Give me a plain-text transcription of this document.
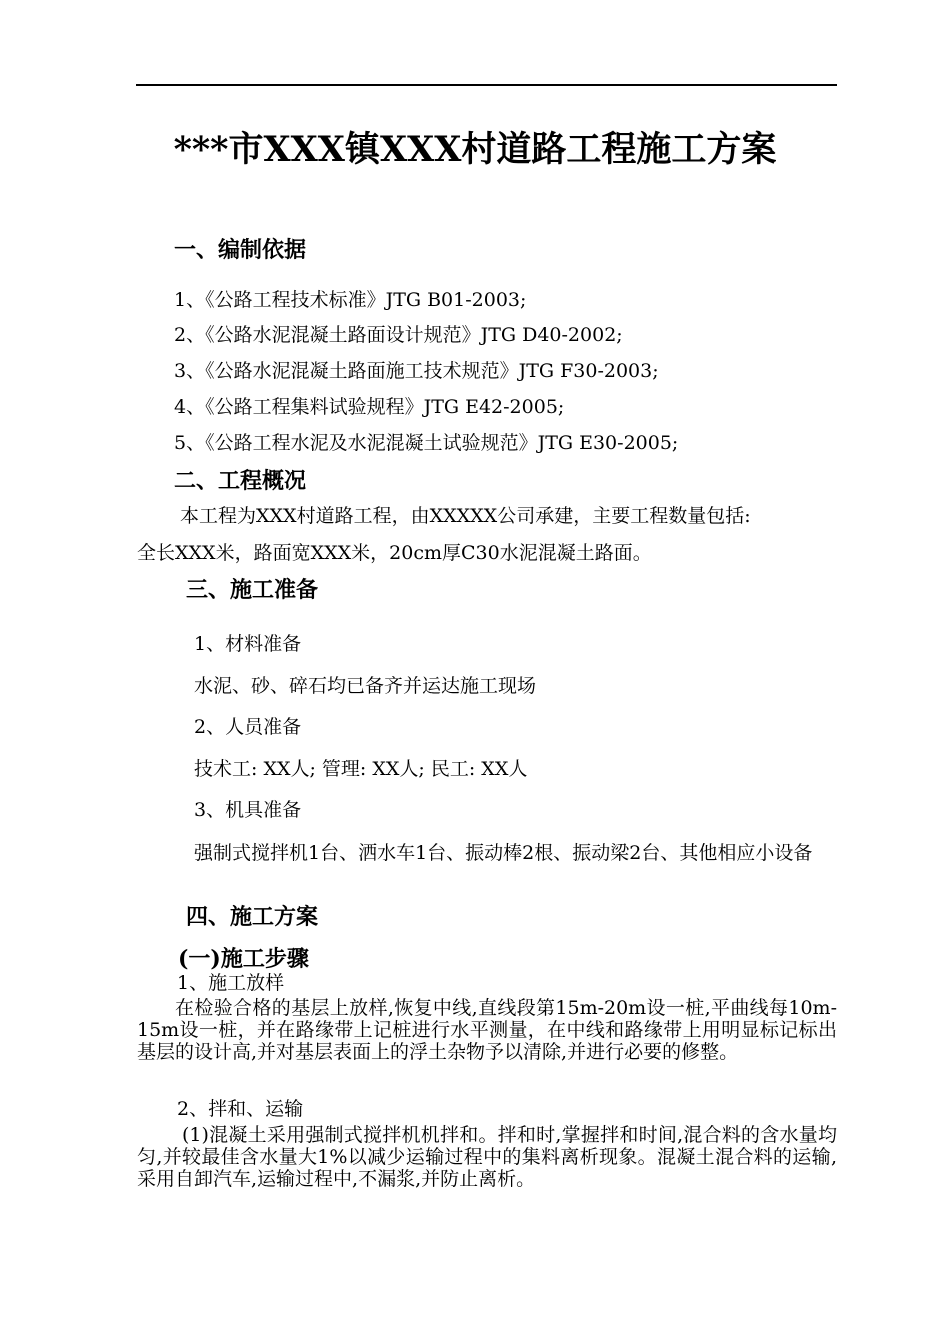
***市XXX镇XXX村道路工程施工方案
一、编制依据
1、《公路工程技术标准》JTG B01-2003;
2、《公路水泥混凝土路面设计规范》JTG D40-2002;
3、《公路水泥混凝土路面施工技术规范》JTG F30-2003;
4、《公路工程集料试验规程》JTG E42-2005;
5、《公路工程水泥及水泥混凝土试验规范》JTG E30-2005;
二、工程概况
本工程为XXX村道路工程，由XXXXX公司承建，主要工程数量包括:
全长XXX米，路面宽XXX米，20cm厚C30水泥混凝土路面。
三、施工准备
1、材料准备
水泥、砂、碎石均已备齐并运达施工现场
2、人员准备
技术工: XX人; 管理: XX人; 民工: XX人
3、机具准备
强制式搅拌机1台、洒水车1台、振动棒2根、振动梁2台、其他相应小设备
四、施工方案
(一)施工步骤
1、施工放样
在检验合格的基层上放样,恢复中线,直线段第15m-20m设一桩,平曲线每10m-15m设一桩，并在路缘带上记桩进行水平测量，在中线和路缘带上用明显标记标出基层的设计高,并对基层表面上的浮土杂物予以清除,并进行必要的修整。
2、拌和、运输
(1)混凝土采用强制式搅拌机机拌和。拌和时,掌握拌和时间,混合料的含水量均匀,并较最佳含水量大1%以减少运输过程中的集料离析现象。混凝土混合料的运输,采用自卸汽车,运输过程中,不漏浆,并防止离析。
